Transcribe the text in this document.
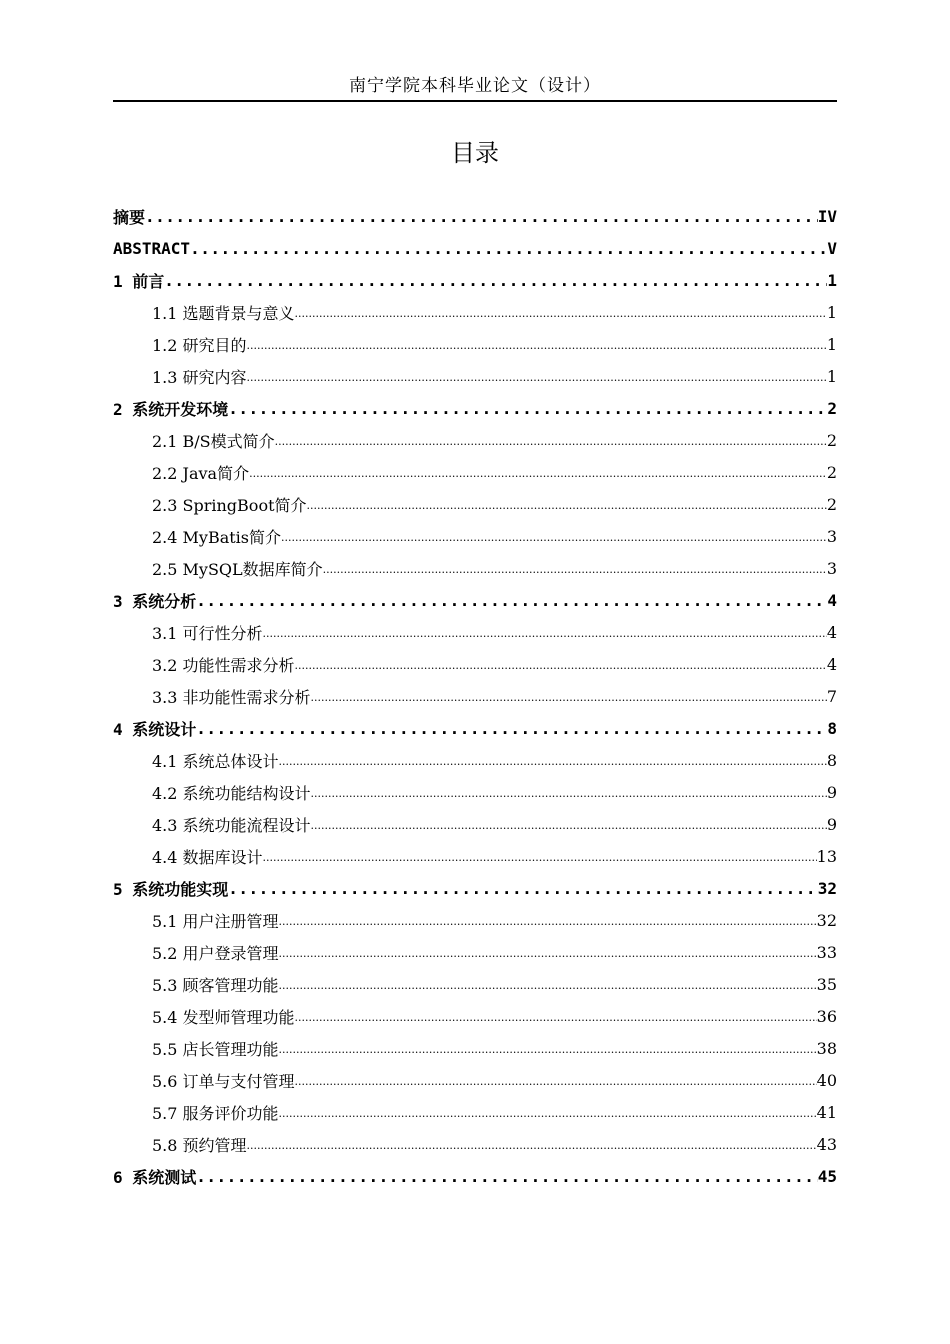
南宁学院本科毕业论文（设计）
目录
摘要 .....	IV
ABSTRACT .....	V
1 前言 .....	1
1.1 选题背景与意义 .....	1
1.2 研究目的 .....	1
1.3 研究内容 .....	1
2 系统开发环境 .....	2
2.1 B/S模式简介 .....	2
2.2 Java简介 .....	2
2.3 SpringBoot简介 .....	2
2.4 MyBatis简介 .....	3
2.5 MySQL数据库简介 .....	3
3 系统分析 .....	4
3.1 可行性分析 .....	4
3.2 功能性需求分析 .....	4
3.3 非功能性需求分析 .....	7
4 系统设计 .....	8
4.1 系统总体设计 .....	8
4.2 系统功能结构设计 .....	9
4.3 系统功能流程设计 .....	9
4.4 数据库设计 .....	13
5 系统功能实现 .....	32
5.1 用户注册管理 .....	32
5.2 用户登录管理 .....	33
5.3 顾客管理功能 .....	35
5.4 发型师管理功能 .....	36
5.5 店长管理功能 .....	38
5.6 订单与支付管理 .....	40
5.7 服务评价功能 .....	41
5.8 预约管理 .....	43
6 系统测试 .....	45
